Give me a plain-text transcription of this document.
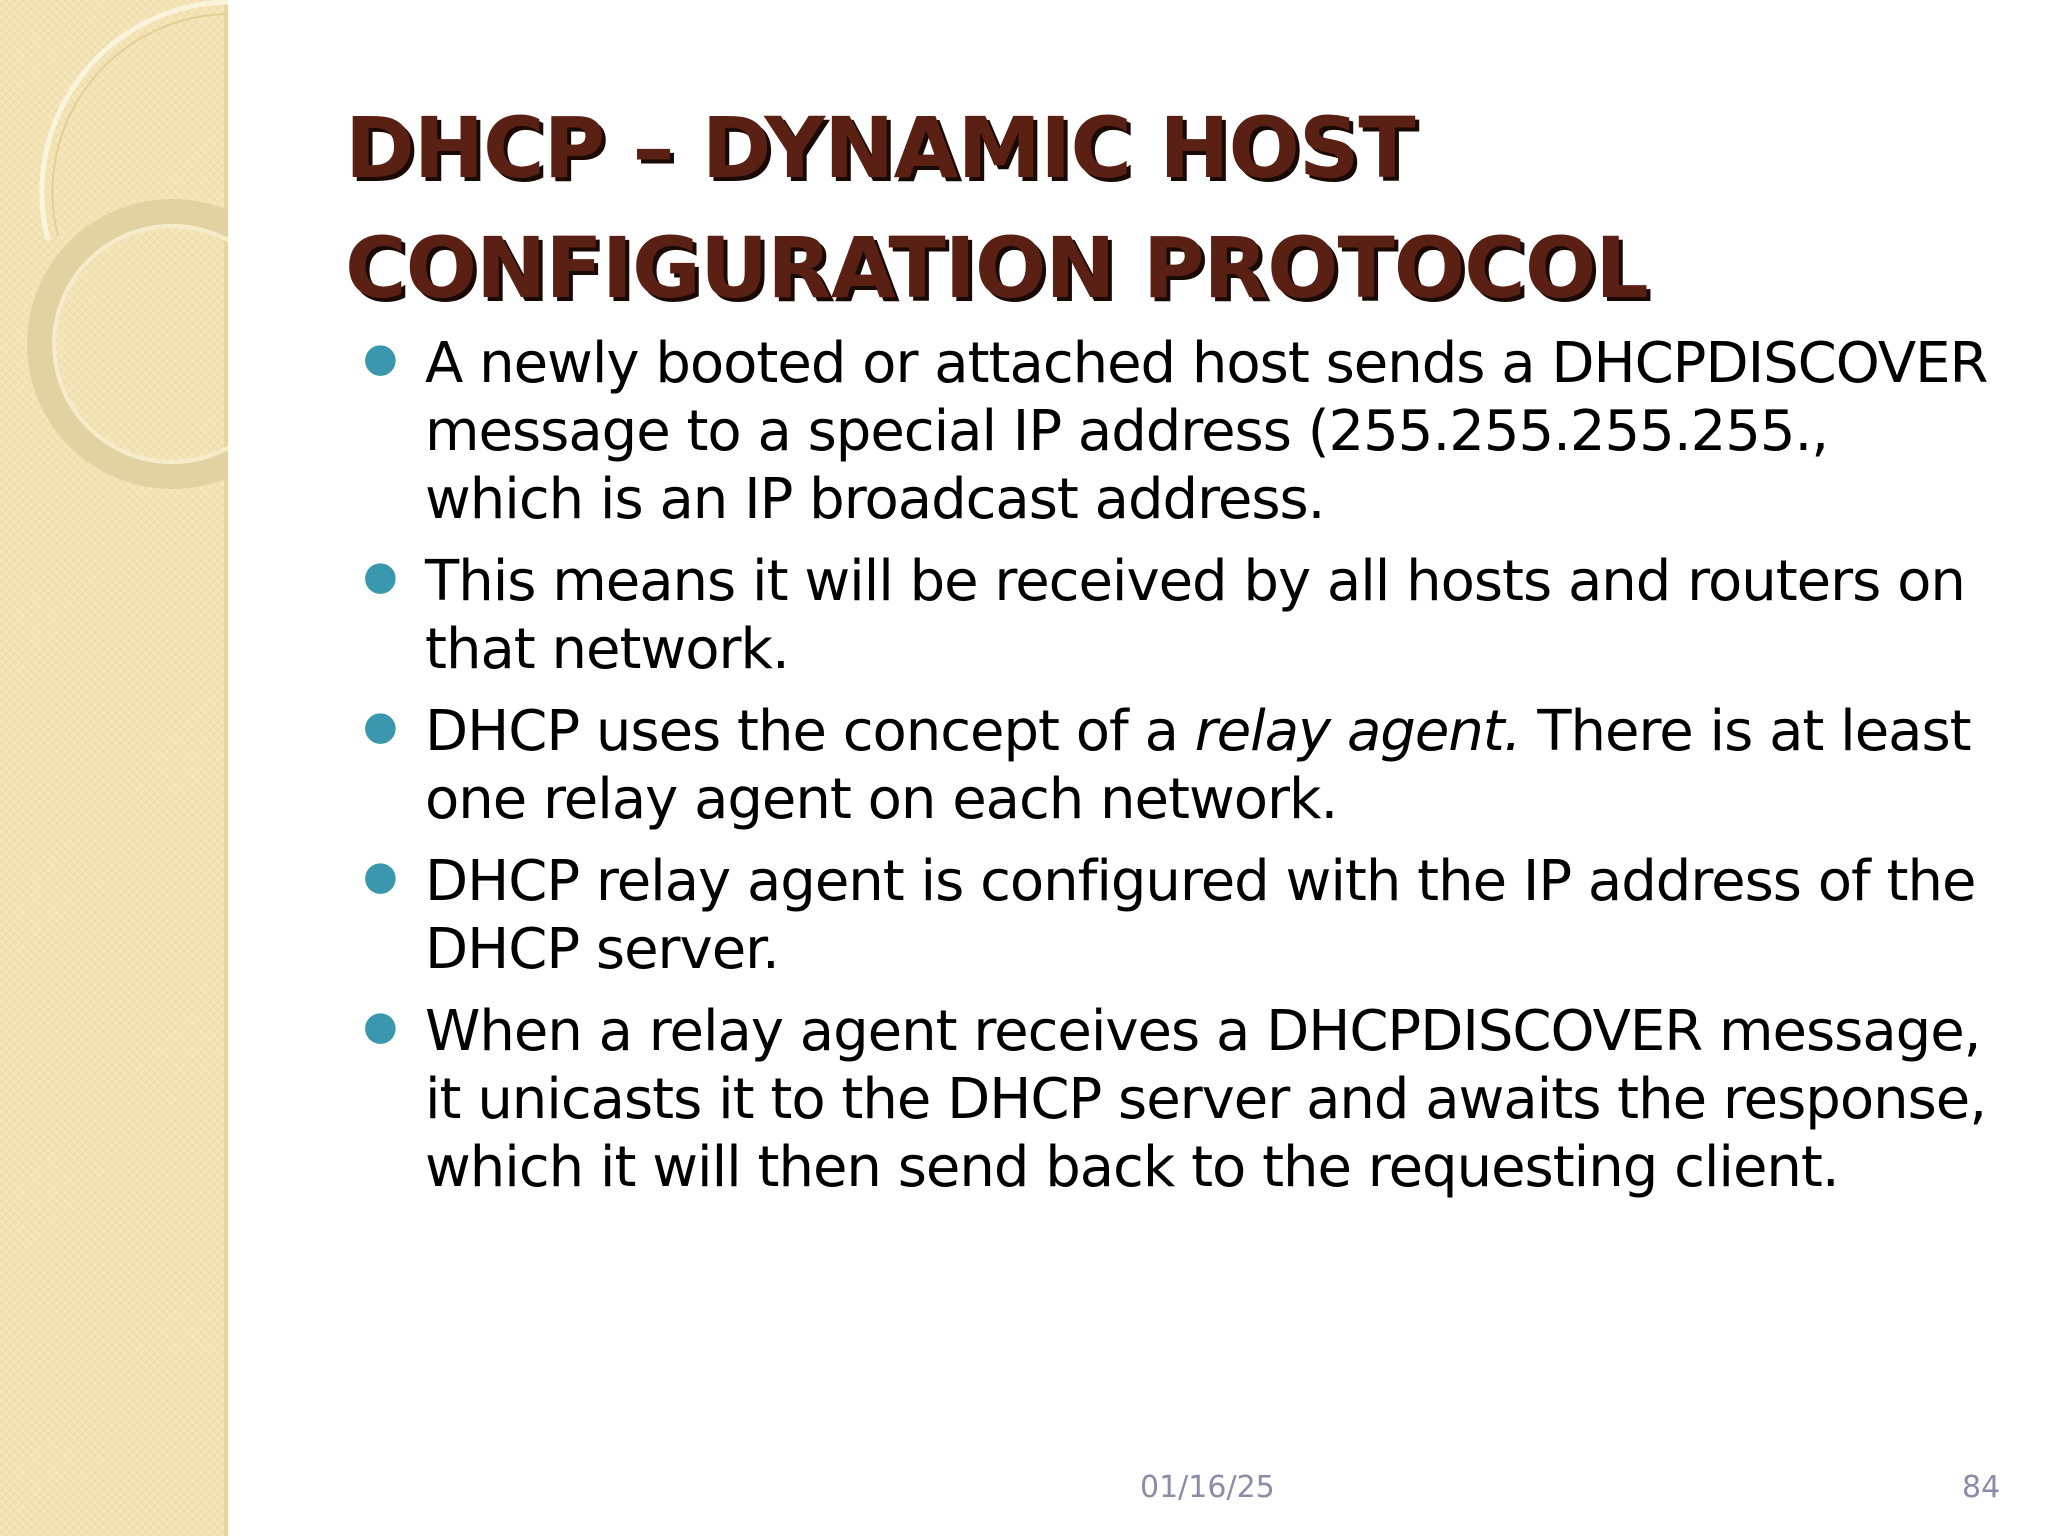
DHCP – DYNAMIC HOST
CONFIGURATION PROTOCOL
● A newly booted or attached host sends a DHCPDISCOVER message to a special IP address (255.255.255.255., which is an IP broadcast address.
● This means it will be received by all hosts and routers on that network.
● DHCP uses the concept of a relay agent. There is at least one relay agent on each network.
● DHCP relay agent is configured with the IP address of the DHCP server.
● When a relay agent receives a DHCPDISCOVER message, it unicasts it to the DHCP server and awaits the response, which it will then send back to the requesting client.
01/16/25	84
